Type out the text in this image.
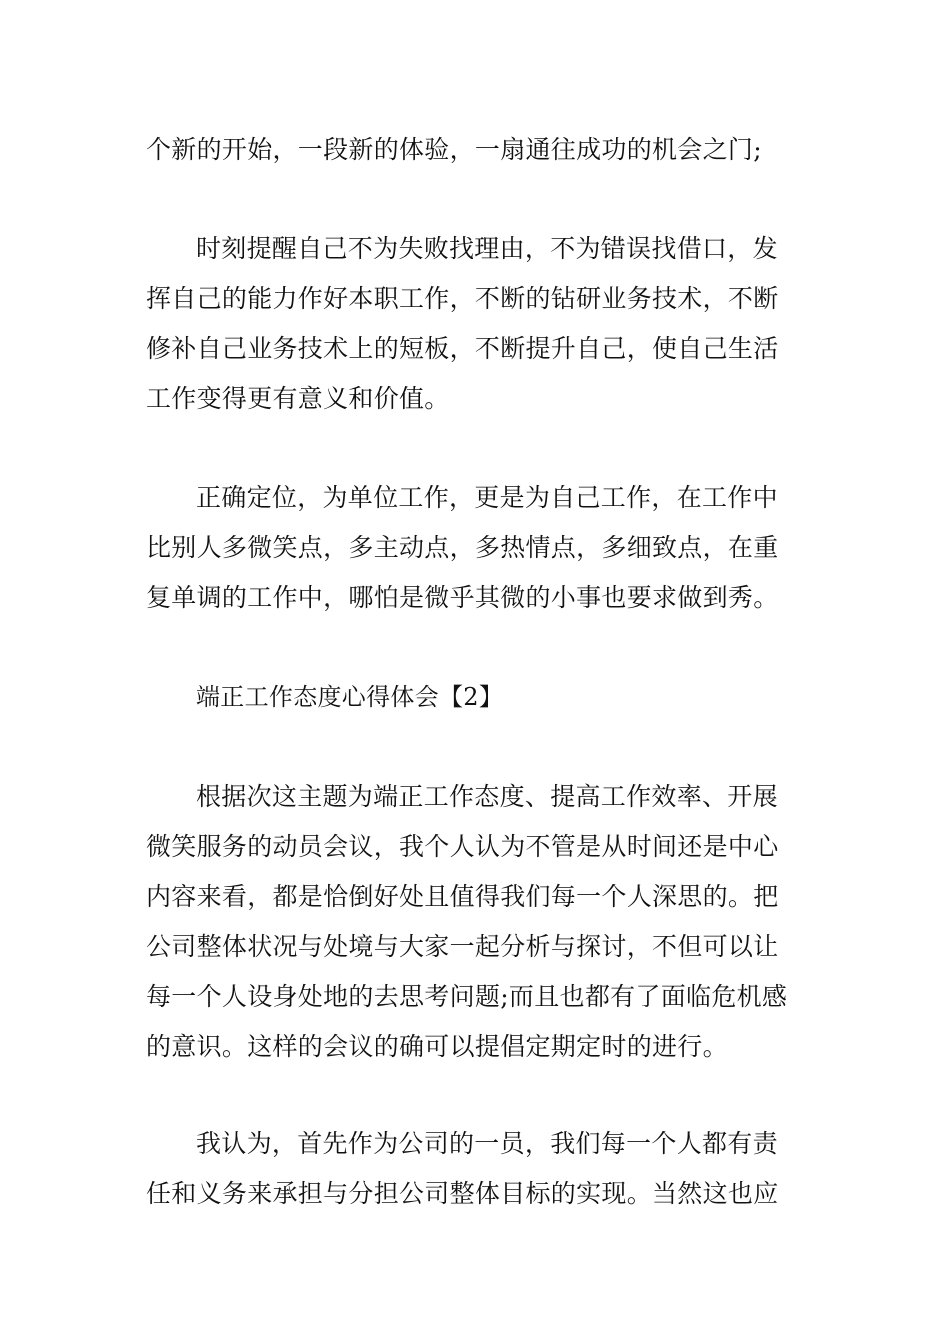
个新的开始，一段新的体验，一扇通往成功的机会之门;
时刻提醒自己不为失败找理由，不为错误找借口，发
挥自己的能力作好本职工作，不断的钻研业务技术，不断
修补自己业务技术上的短板，不断提升自己，使自己生活
工作变得更有意义和价值。
正确定位，为单位工作，更是为自己工作，在工作中
比别人多微笑点，多主动点，多热情点，多细致点，在重
复单调的工作中，哪怕是微乎其微的小事也要求做到秀。
端正工作态度心得体会【2】
根据次这主题为端正工作态度、提高工作效率、开展
微笑服务的动员会议，我个人认为不管是从时间还是中心
内容来看，都是恰倒好处且值得我们每一个人深思的。把
公司整体状况与处境与大家一起分析与探讨，不但可以让
每一个人设身处地的去思考问题;而且也都有了面临危机感
的意识。这样的会议的确可以提倡定期定时的进行。
我认为，首先作为公司的一员，我们每一个人都有责
任和义务来承担与分担公司整体目标的实现。当然这也应
